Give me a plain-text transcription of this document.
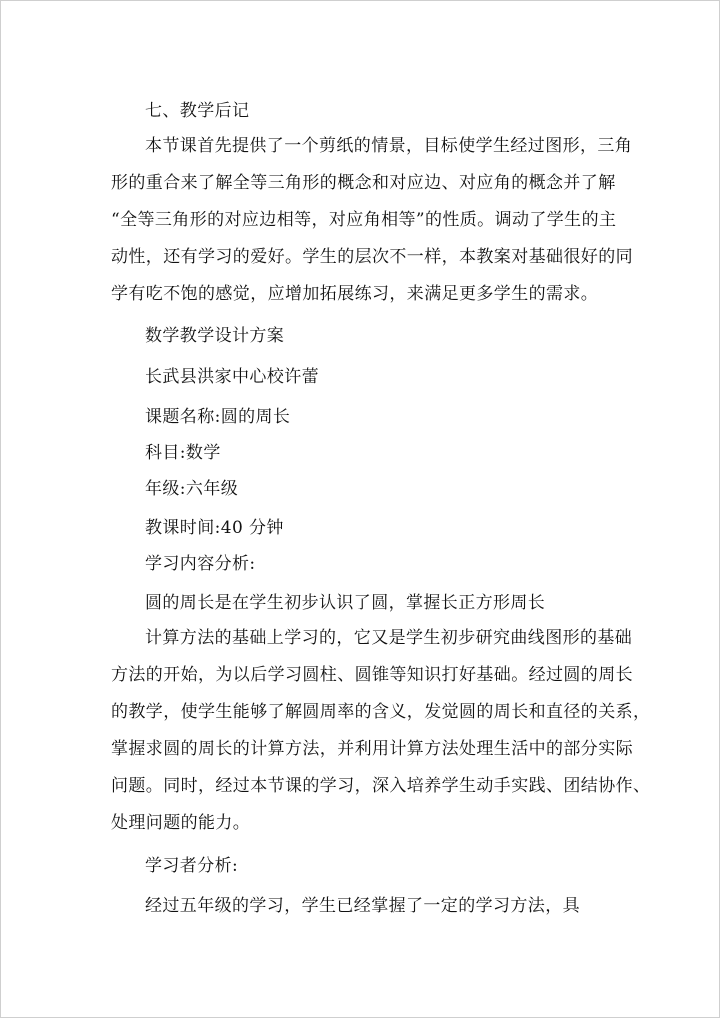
七、教学后记
本节课首先提供了一个剪纸的情景，目标使学生经过图形，三角
形的重合来了解全等三角形的概念和对应边、对应角的概念并了解
“全等三角形的对应边相等，对应角相等”的性质。调动了学生的主
动性，还有学习的爱好。学生的层次不一样，本教案对基础很好的同
学有吃不饱的感觉，应增加拓展练习，来满足更多学生的需求。
数学教学设计方案
长武县洪家中心校许蕾
课题名称:圆的周长
科目:数学
年级:六年级
教课时间:40 分钟
学习内容分析:
圆的周长是在学生初步认识了圆，掌握长正方形周长
计算方法的基础上学习的，它又是学生初步研究曲线图形的基础
方法的开始，为以后学习圆柱、圆锥等知识打好基础。经过圆的周长
的教学，使学生能够了解圆周率的含义，发觉圆的周长和直径的关系，
掌握求圆的周长的计算方法，并利用计算方法处理生活中的部分实际
问题。同时，经过本节课的学习，深入培养学生动手实践、团结协作、
处理问题的能力。
学习者分析:
经过五年级的学习，学生已经掌握了一定的学习方法，具
